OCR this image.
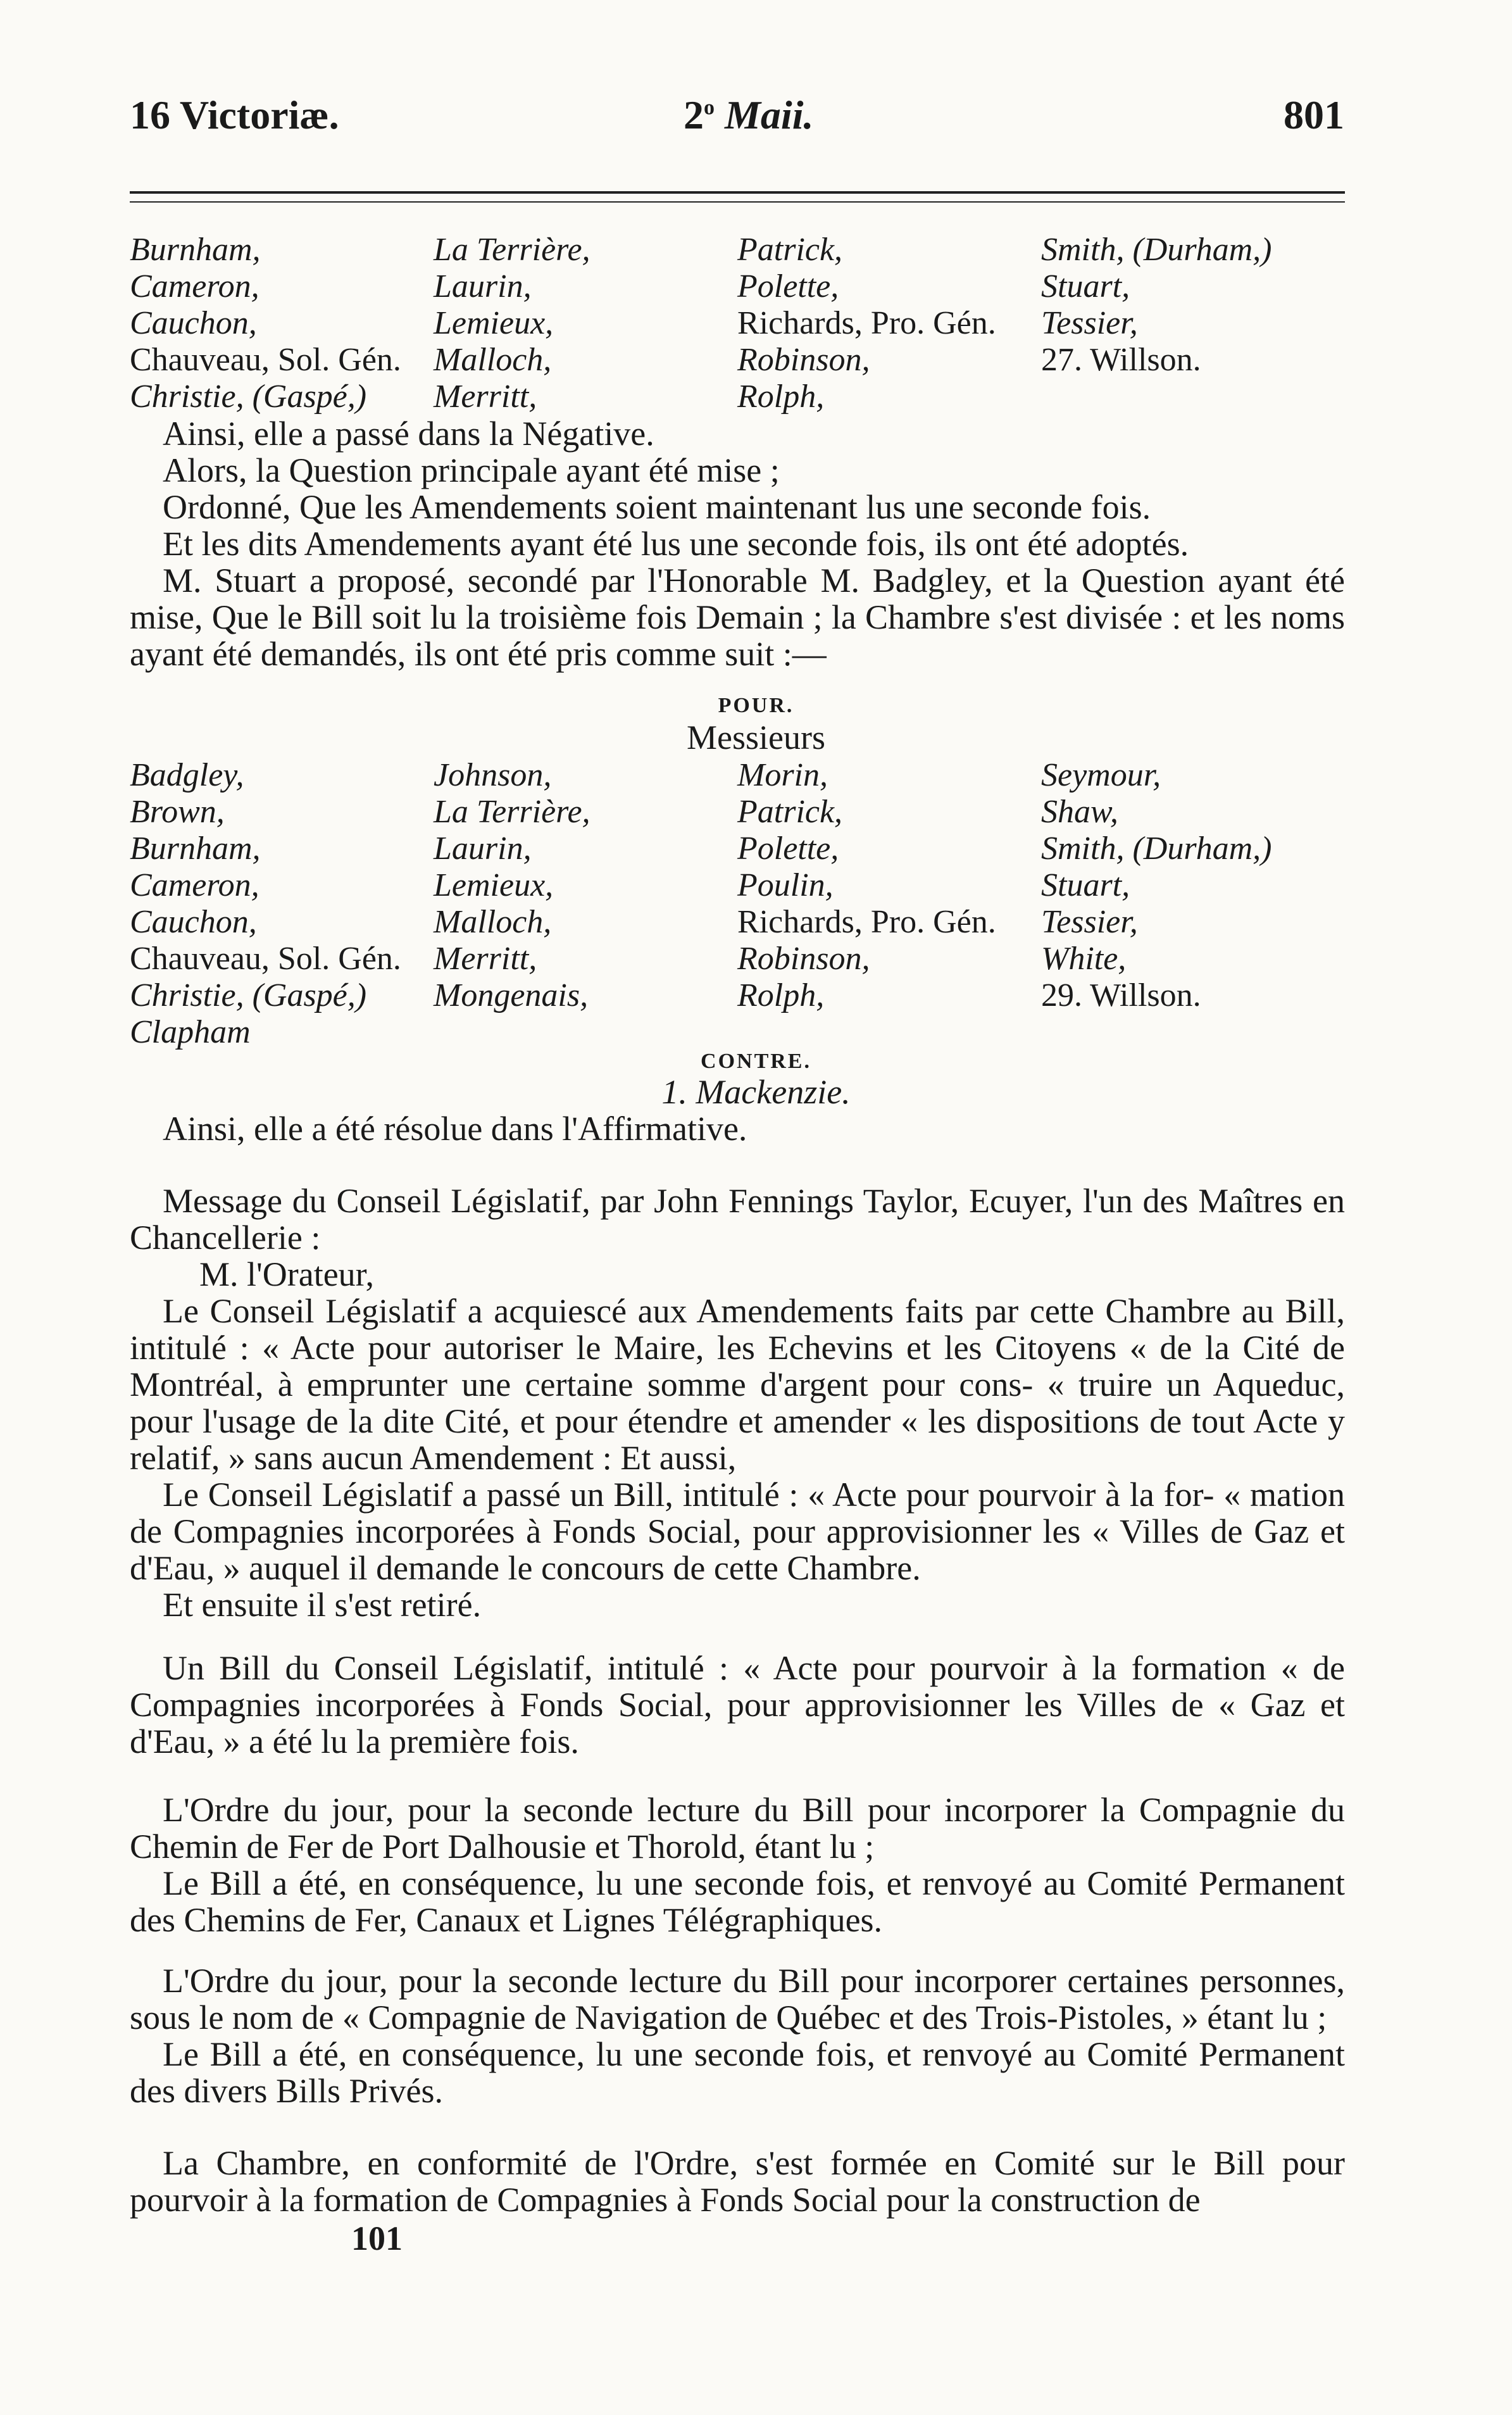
16 Victoriæ.	2$^o$ Maii.	801
Burnham,
Cameron,
Cauchon,
Chauveau, Sol. Gén.
Christie, (Gaspé,)
La Terrière,
Laurin,
Lemieux,
Malloch,
Merritt,
Patrick,
Polette,
Richards, Pro. Gén.
Robinson,
Rolph,
Smith, (Durham,)
Stuart,
Tessier,
27. Willson.

Ainsi, elle a passé dans la Négative.

Alors, la Question principale ayant été mise ;

Ordonné, Que les Amendements soient maintenant lus une seconde fois.

Et les dits Amendements ayant été lus une seconde fois, ils ont été adoptés.

M. Stuart a proposé, secondé par l'Honorable M. Badgley, et la Question ayant été mise, Que le Bill soit lu la troisième fois Demain ; la Chambre s'est divisée : et les noms ayant été demandés, ils ont été pris comme suit :—

POUR.
Messieurs
Badgley,
Brown,
Burnham,
Cameron,
Cauchon,
Chauveau, Sol. Gén.
Christie, (Gaspé,)
Clapham
Johnson,
La Terrière,
Laurin,
Lemieux,
Malloch,
Merritt,
Mongenais,
Morin,
Patrick,
Polette,
Poulin,
Richards, Pro. Gén.
Robinson,
Rolph,
Seymour,
Shaw,
Smith, (Durham,)
Stuart,
Tessier,
White,
29. Willson.
CONTRE.
1. Mackenzie.

Ainsi, elle a été résolue dans l'Affirmative.

Message du Conseil Législatif, par John Fennings Taylor, Ecuyer, l'un des Maîtres en Chancellerie :

M. l'Orateur,

Le Conseil Législatif a acquiescé aux Amendements faits par cette Chambre au Bill, intitulé : « Acte pour autoriser le Maire, les Echevins et les Citoyens « de la Cité de Montréal, à emprunter une certaine somme d'argent pour cons- « truire un Aqueduc, pour l'usage de la dite Cité, et pour étendre et amender « les dispositions de tout Acte y relatif, » sans aucun Amendement : Et aussi,

Le Conseil Législatif a passé un Bill, intitulé : « Acte pour pourvoir à la for- « mation de Compagnies incorporées à Fonds Social, pour approvisionner les « Villes de Gaz et d'Eau, » auquel il demande le concours de cette Chambre.

Et ensuite il s'est retiré.

Un Bill du Conseil Législatif, intitulé : « Acte pour pourvoir à la formation « de Compagnies incorporées à Fonds Social, pour approvisionner les Villes de « Gaz et d'Eau, » a été lu la première fois.

L'Ordre du jour, pour la seconde lecture du Bill pour incorporer la Compagnie du Chemin de Fer de Port Dalhousie et Thorold, étant lu ;

Le Bill a été, en conséquence, lu une seconde fois, et renvoyé au Comité Permanent des Chemins de Fer, Canaux et Lignes Télégraphiques.

L'Ordre du jour, pour la seconde lecture du Bill pour incorporer certaines personnes, sous le nom de « Compagnie de Navigation de Québec et des Trois-Pistoles, » étant lu ;

Le Bill a été, en conséquence, lu une seconde fois, et renvoyé au Comité Permanent des divers Bills Privés.

La Chambre, en conformité de l'Ordre, s'est formée en Comité sur le Bill pour pourvoir à la formation de Compagnies à Fonds Social pour la construction de

101
